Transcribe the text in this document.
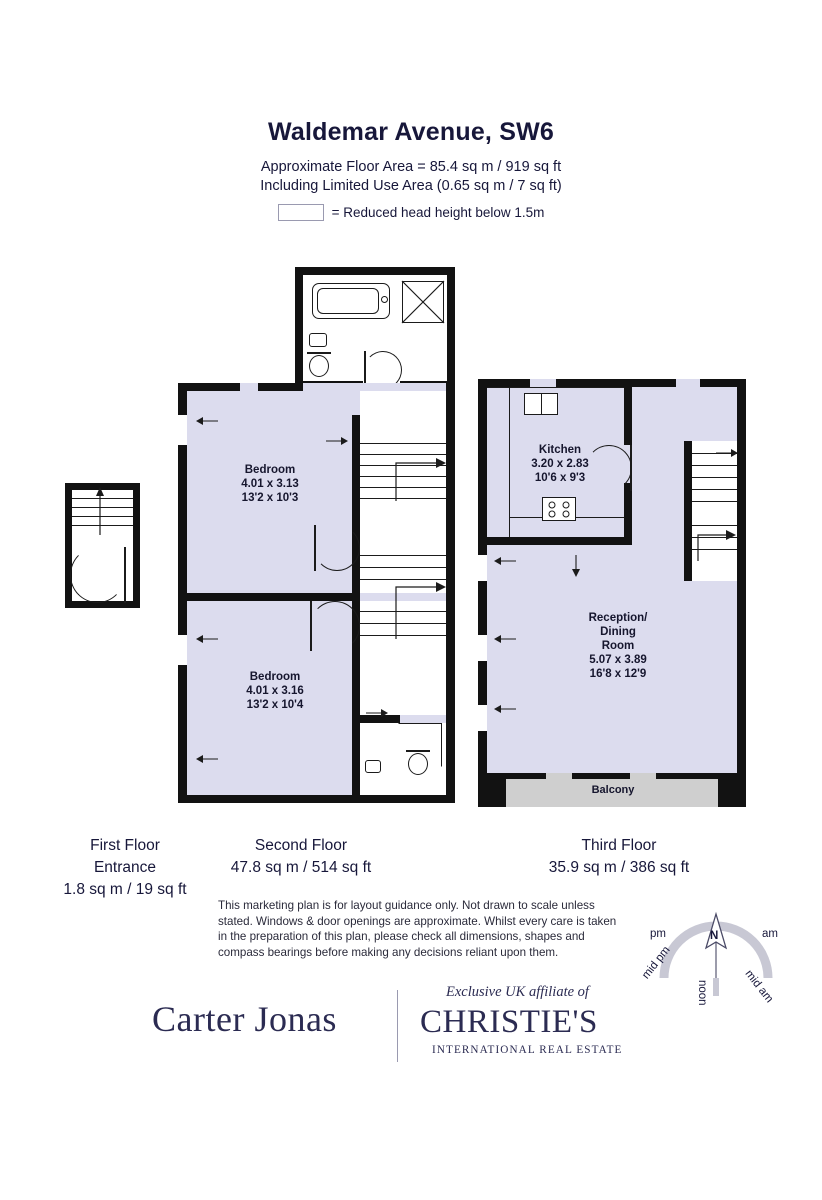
Waldemar Avenue, SW6
Approximate Floor Area = 85.4 sq m / 919 sq ft
Including Limited Use Area (0.65 sq m / 7 sq ft)
= Reduced head height below 1.5m
Bedroom
4.01 x 3.13
13'2 x 10'3
Bedroom
4.01 x 3.16
13'2 x 10'4
Kitchen
3.20 x 2.83
10'6 x 9'3
Reception/
Dining
Room
5.07 x 3.89
16'8 x 12'9
Balcony
First Floor
Entrance
1.8 sq m / 19 sq ft
Second Floor
47.8 sq m / 514 sq ft
Third Floor
35.9 sq m / 386 sq ft
This marketing plan is for layout guidance only. Not drawn to scale unless stated. Windows & door openings are approximate. Whilst every care is taken in the preparation of this plan, please check all dimensions, shapes and compass bearings before making any decisions reliant upon them.
N
pm	am
mid pm
mid am
noon
Carter Jonas
Exclusive UK affiliate of
CHRISTIE'S
INTERNATIONAL REAL ESTATE
